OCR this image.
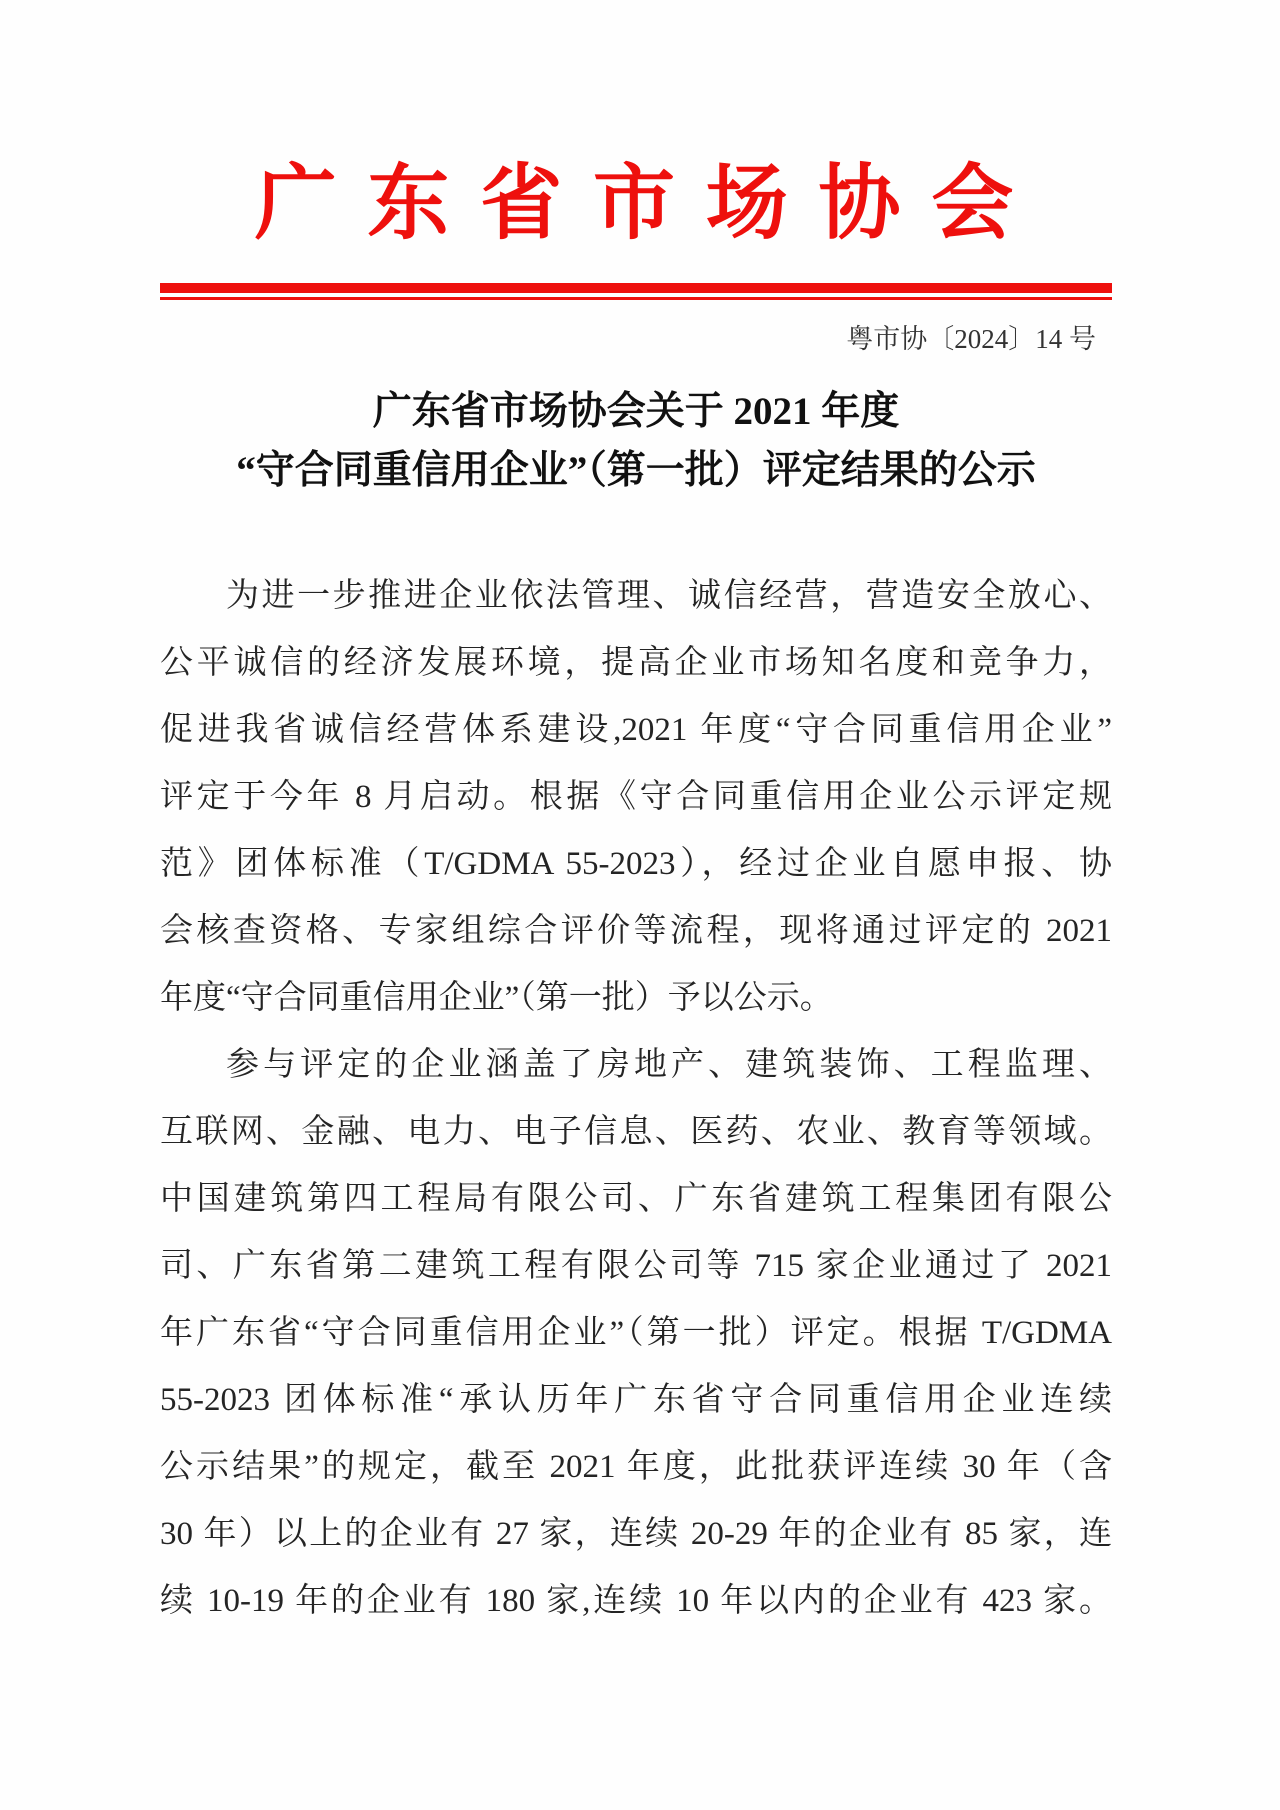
广 东 省 市 场 协 会
粤市协〔2024〕14 号
广东省市场协会关于 2021 年度
“守合同重信用企业”（第一批）评定结果的公示
为进一步推进企业依法管理、诚信经营，营造安全放心、
公平诚信的经济发展环境，提高企业市场知名度和竞争力，
促进我省诚信经营体系建设,2021 年度“守合同重信用企业”
评定于今年 8 月启动。根据《守合同重信用企业公示评定规
范》团体标准（T/GDMA 55-2023），经过企业自愿申报、协
会核查资格、专家组综合评价等流程，现将通过评定的 2021
年度“守合同重信用企业”（第一批）予以公示。
参与评定的企业涵盖了房地产、建筑装饰、工程监理、
互联网、金融、电力、电子信息、医药、农业、教育等领域。
中国建筑第四工程局有限公司、广东省建筑工程集团有限公
司、广东省第二建筑工程有限公司等 715 家企业通过了 2021
年广东省“守合同重信用企业”（第一批）评定。根据 T/GDMA
55-2023 团体标准“承认历年广东省守合同重信用企业连续
公示结果”的规定，截至 2021 年度，此批获评连续 30 年（含
30 年）以上的企业有 27 家，连续 20-29 年的企业有 85 家，连
续 10-19 年的企业有 180 家,连续 10 年以内的企业有 423 家。
